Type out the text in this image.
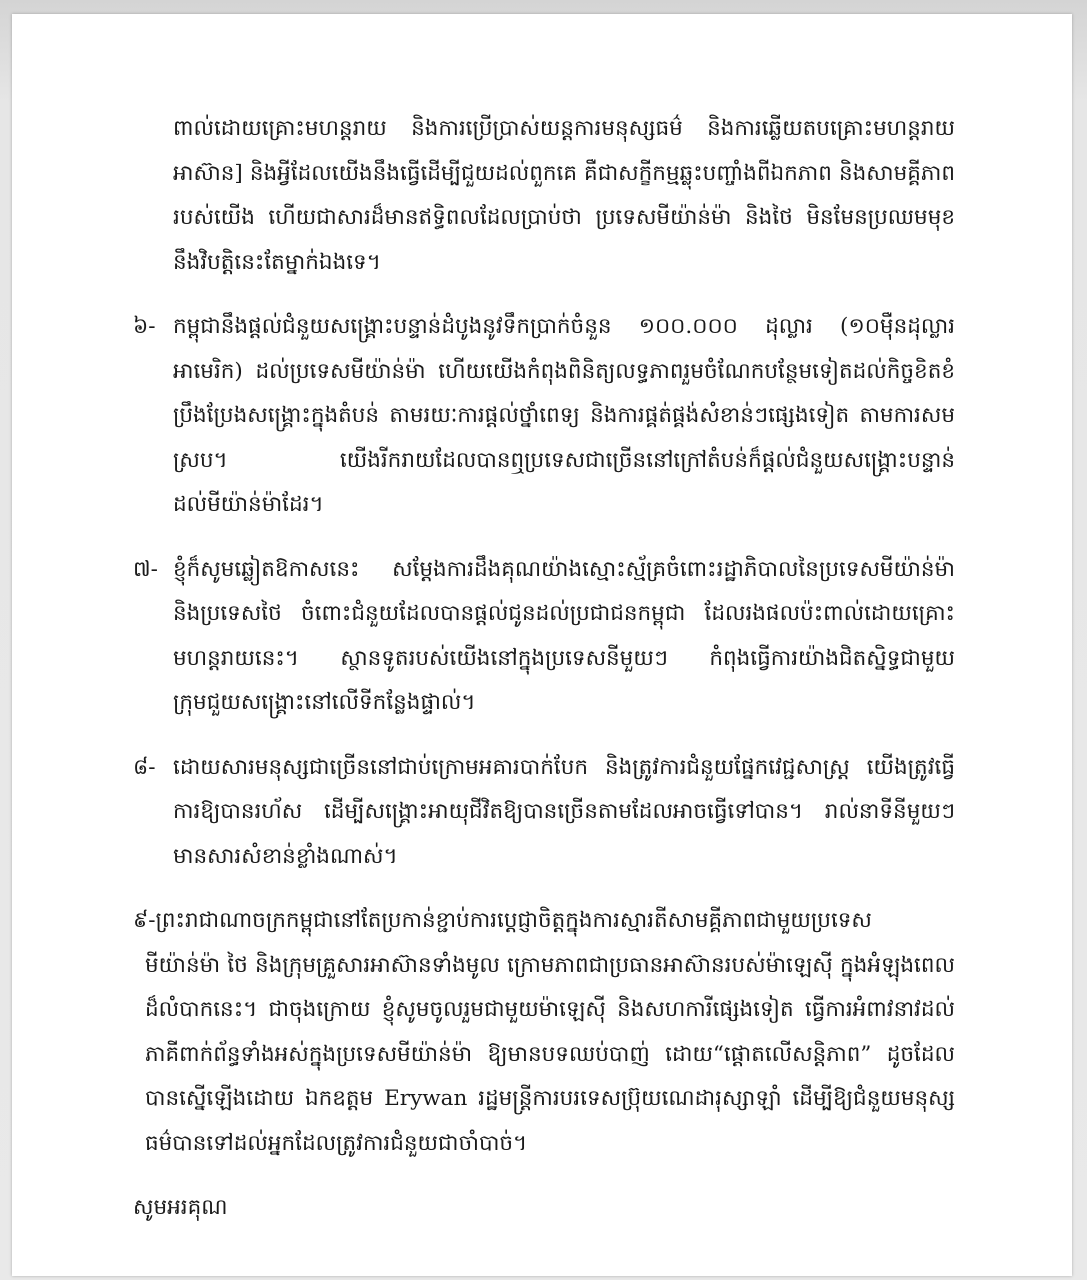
ពាល់ដោយគ្រោះមហន្តរាយ និងការប្រើប្រាស់យន្តការមនុស្សធម៌ និងការឆ្លើយតបគ្រោះមហន្តរាយអាស៊ាន] និងអ្វីដែលយើងនឹងធ្វើដើម្បីជួយដល់ពួកគេ គឺជាសក្ខីកម្មឆ្លុះបញ្ចាំងពីឯកភាព និងសាមគ្គីភាពរបស់យើង ហើយជាសារដ៏មានឥទ្ធិពលដែលប្រាប់ថា ប្រទេសមីយ៉ាន់ម៉ា និងថៃ មិនមែនប្រឈមមុខនឹងវិបត្តិនេះតែម្នាក់ឯងទេ។
៦- កម្ពុជានឹងផ្ដល់ជំនួយសង្គ្រោះបន្ទាន់ដំបូងនូវទឹកប្រាក់ចំនួន ១០០.០០០ ដុល្លារ (១០ម៉ឺនដុល្លារអាមេរិក) ដល់ប្រទេសមីយ៉ាន់ម៉ា ហើយយើងកំពុងពិនិត្យលទ្ធភាពរួមចំណែកបន្ថែមទៀតដល់កិច្ចខិតខំប្រឹងប្រែងសង្គ្រោះក្នុងតំបន់ តាមរយៈការផ្ដល់ថ្នាំពេទ្យ និងការផ្គត់ផ្គង់សំខាន់ៗផ្សេងទៀត តាមការសមស្រប។ យើងរីករាយដែលបានឮប្រទេសជាច្រើននៅក្រៅតំបន់ក៏ផ្ដល់ជំនួយសង្គ្រោះបន្ទាន់ដល់មីយ៉ាន់ម៉ាដែរ។
៧- ខ្ញុំក៏សូមឆ្លៀតឱកាសនេះ សម្ដែងការដឹងគុណយ៉ាងស្មោះស្ម័គ្រចំពោះរដ្ឋាភិបាលនៃប្រទេសមីយ៉ាន់ម៉ា និងប្រទេសថៃ ចំពោះជំនួយដែលបានផ្ដល់ជូនដល់ប្រជាជនកម្ពុជា ដែលរងផលប៉ះពាល់ដោយគ្រោះមហន្តរាយនេះ។ ស្ថានទូតរបស់យើងនៅក្នុងប្រទេសនីមួយៗ កំពុងធ្វើការយ៉ាងជិតស្និទ្ធជាមួយក្រុមជួយសង្គ្រោះនៅលើទីកន្លែងផ្ទាល់។
៨- ដោយសារមនុស្សជាច្រើននៅជាប់ក្រោមអគារបាក់បែក និងត្រូវការជំនួយផ្នែកវេជ្ជសាស្ត្រ យើងត្រូវធ្វើការឱ្យបានរហ័ស ដើម្បីសង្គ្រោះអាយុជីវិតឱ្យបានច្រើនតាមដែលអាចធ្វើទៅបាន។ រាល់នាទីនីមួយៗមានសារសំខាន់ខ្លាំងណាស់។
៩-ព្រះរាជាណាចក្រកម្ពុជានៅតែប្រកាន់ខ្ជាប់ការប្ដេជ្ញាចិត្តក្នុងការស្មារតីសាមគ្គីភាពជាមួយប្រទេស
មីយ៉ាន់ម៉ា ថៃ និងក្រុមគ្រួសារអាស៊ានទាំងមូល ក្រោមភាពជាប្រធានអាស៊ានរបស់ម៉ាឡេស៊ី ក្នុងអំឡុងពេលដ៏លំបាកនេះ។ ជាចុងក្រោយ ខ្ញុំសូមចូលរួមជាមួយម៉ាឡេស៊ី និងសហការីផ្សេងទៀត ធ្វើការអំពាវនាវដល់ភាគីពាក់ព័ន្ធទាំងអស់ក្នុងប្រទេសមីយ៉ាន់ម៉ា ឱ្យមានបទឈប់បាញ់ ដោយ“ផ្ដោតលើសន្តិភាព” ដូចដែលបានស្នើឡើងដោយ ឯកឧត្ដម Erywan រដ្ឋមន្ត្រីការបរទេសប្រ៊ុយណេដារុស្សាឡាំ ដើម្បីឱ្យជំនួយមនុស្សធម៌បានទៅដល់អ្នកដែលត្រូវការជំនួយជាចាំបាច់។
សូមអរគុណ
